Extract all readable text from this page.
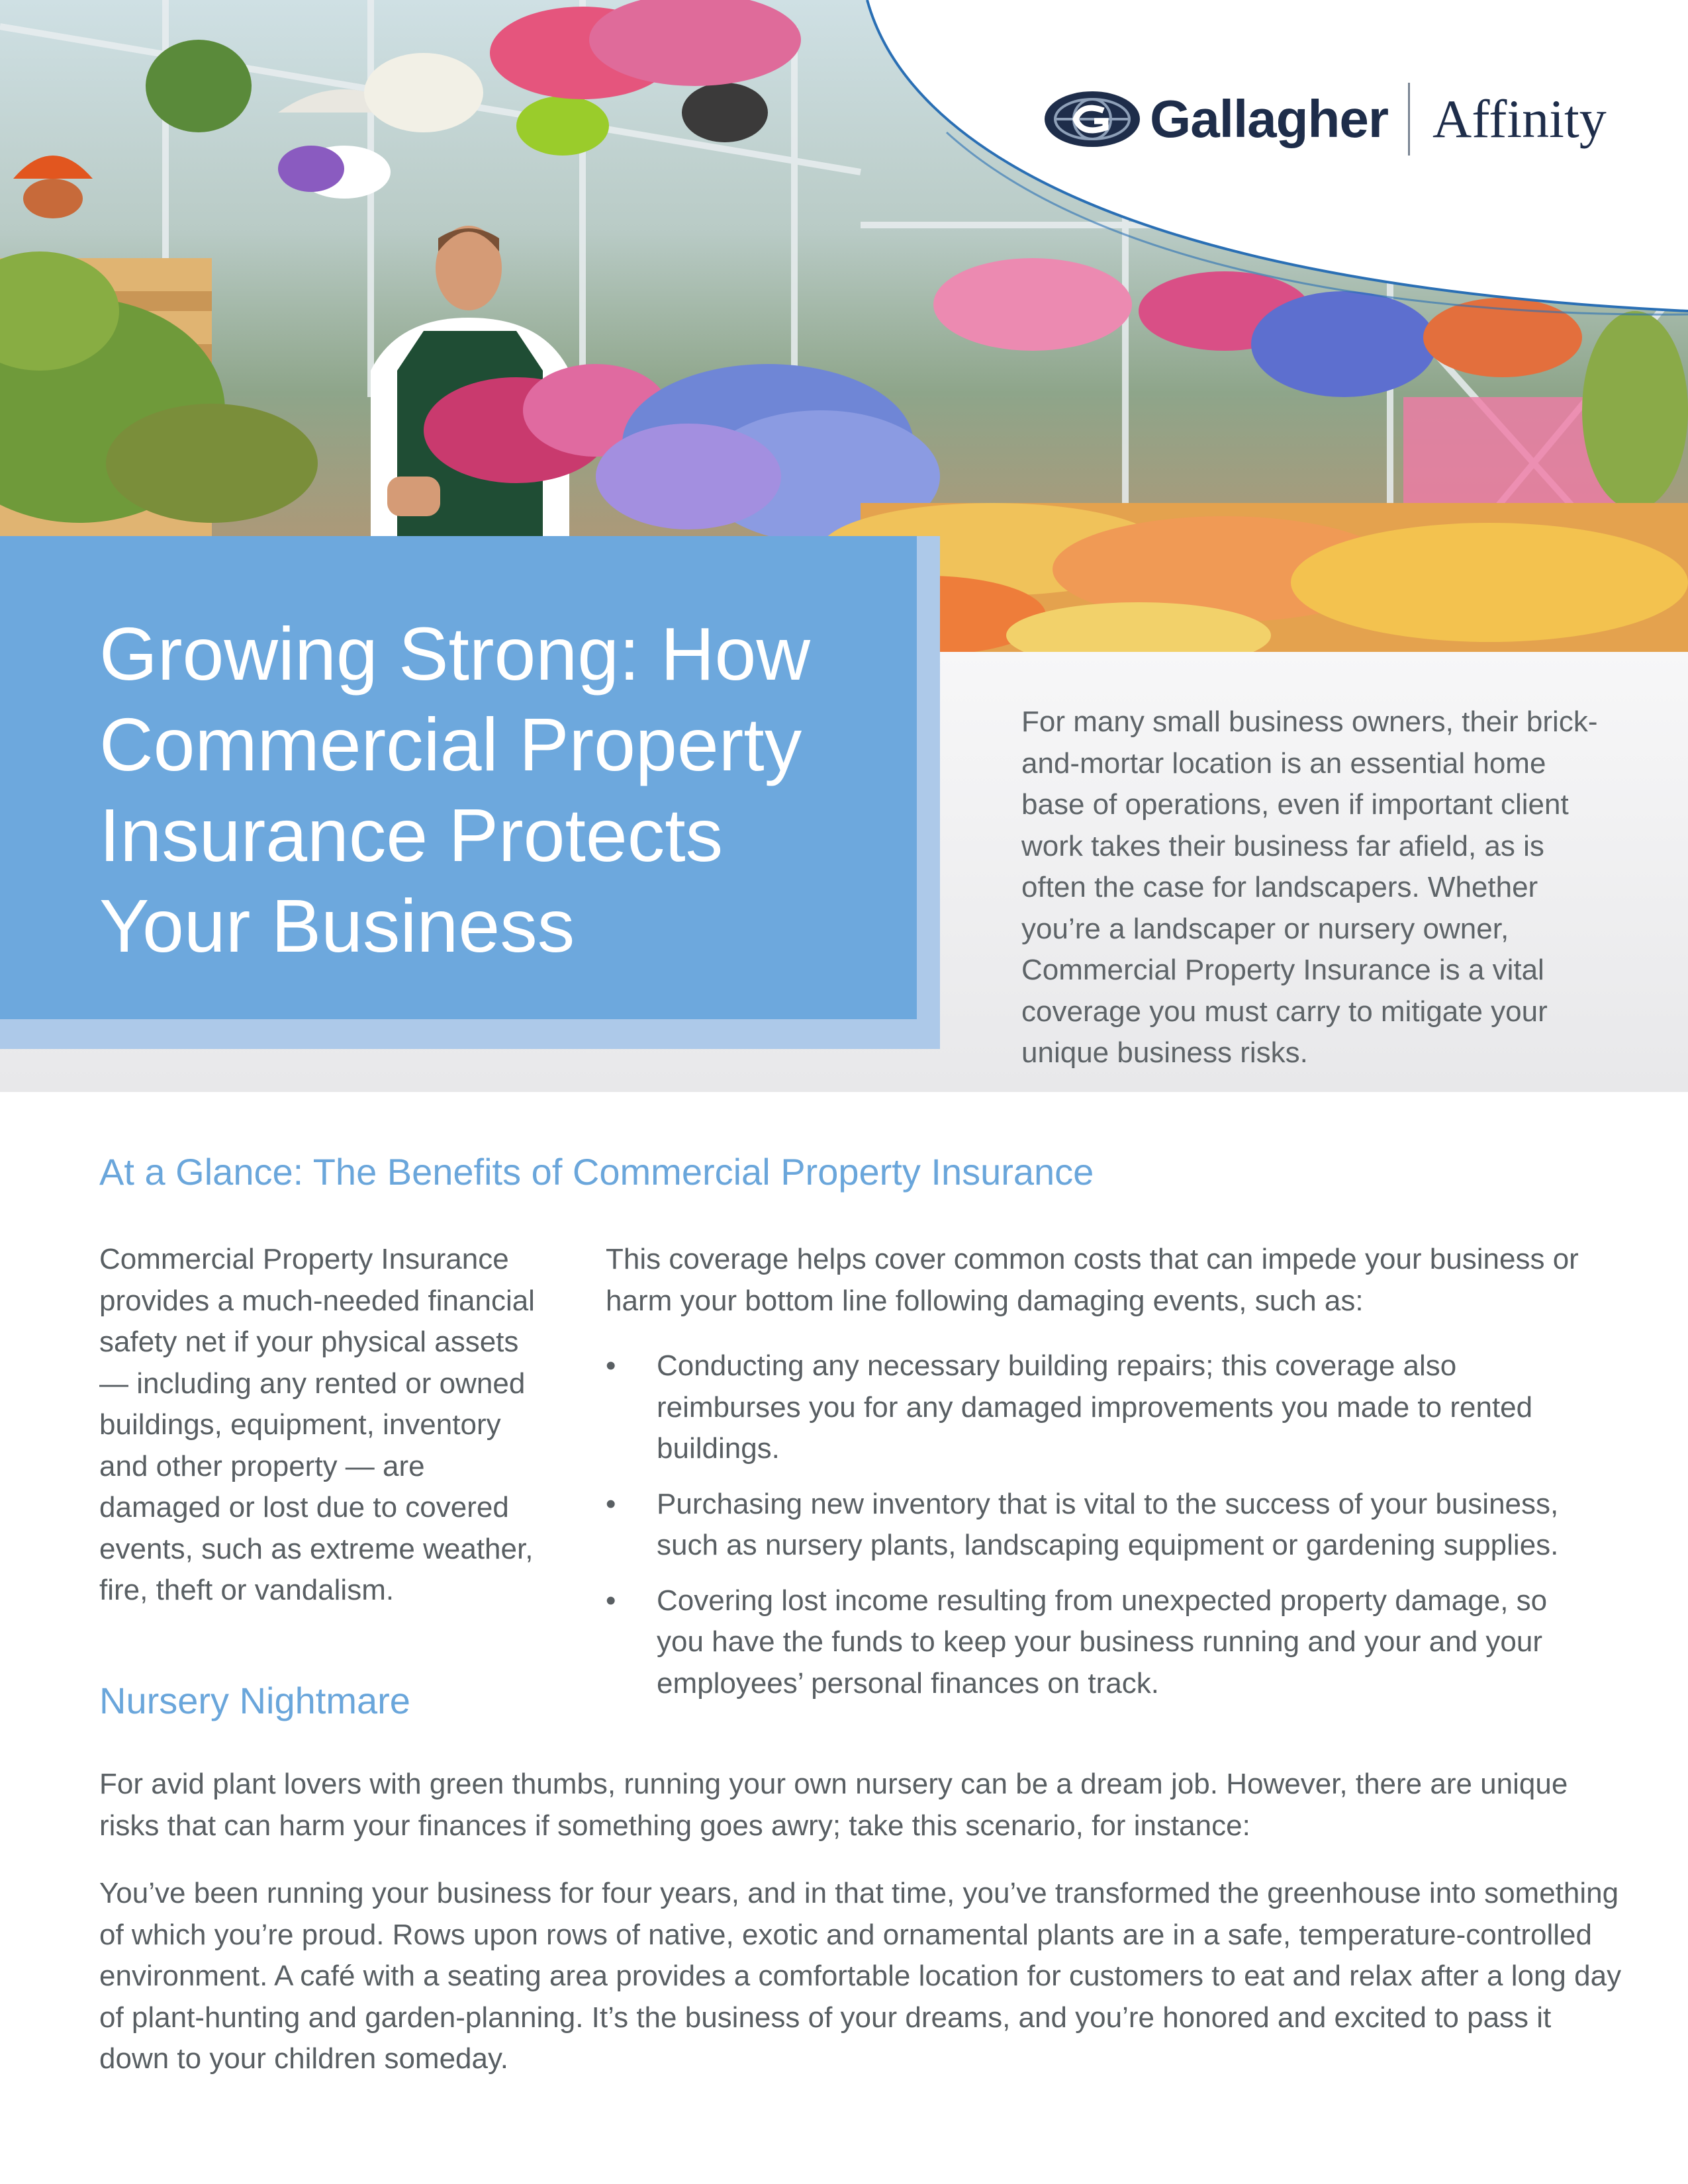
Gallagher Affinity
Growing Strong: How Commercial Property Insurance Protects Your Business

For many small business owners, their brick-and-mortar location is an essential home base of operations, even if important client work takes their business far afield, as is often the case for landscapers. Whether you’re a landscaper or nursery owner, Commercial Property Insurance is a vital coverage you must carry to mitigate your unique business risks.

At a Glance: The Benefits of Commercial Property Insurance

Commercial Property Insurance provides a much-needed financial safety net if your physical assets — including any rented or owned buildings, equipment, inventory and other property — are damaged or lost due to covered events, such as extreme weather, fire, theft or vandalism.

This coverage helps cover common costs that can impede your business or harm your bottom line following damaging events, such as:

• Conducting any necessary building repairs; this coverage also reimburses you for any damaged improvements you made to rented buildings.
• Purchasing new inventory that is vital to the success of your business, such as nursery plants, landscaping equipment or gardening supplies.
• Covering lost income resulting from unexpected property damage, so you have the funds to keep your business running and your and your employees’ personal finances on track.
Nursery Nightmare

For avid plant lovers with green thumbs, running your own nursery can be a dream job. However, there are unique risks that can harm your finances if something goes awry; take this scenario, for instance:

You’ve been running your business for four years, and in that time, you’ve transformed the greenhouse into something of which you’re proud. Rows upon rows of native, exotic and ornamental plants are in a safe, temperature-controlled environment. A café with a seating area provides a comfortable location for customers to eat and relax after a long day of plant-hunting and garden-planning. It’s the business of your dreams, and you’re honored and excited to pass it down to your children someday.
